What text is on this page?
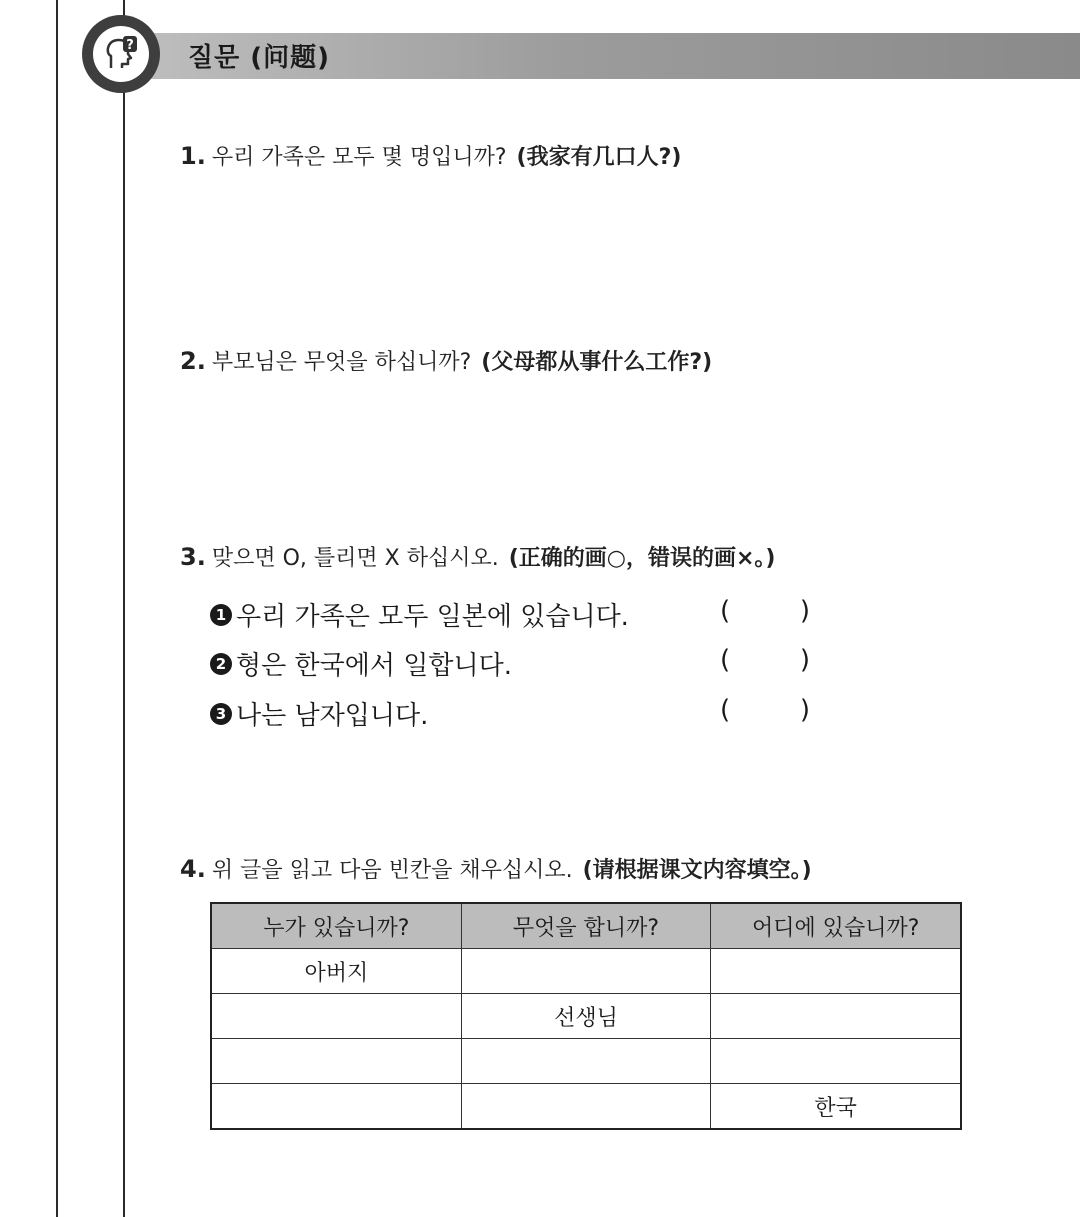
? 질문 (问题)
1. 우리 가족은 모두 몇 명입니까? (我家有几口人?)
2. 부모님은 무엇을 하십니까? (父母都从事什么工作?)
3. 맞으면 O, 틀리면 X 하십시오. (正确的画○，错误的画×。)
1 우리 가족은 모두 일본에 있습니다.	(	)
2 형은 한국에서 일합니다.	(	)
3 나는 남자입니다.	(	)
4. 위 글을 읽고 다음 빈칸을 채우십시오. (请根据课文内容填空。)
누가 있습니까?	무엇을 합니까?	어디에 있습니까?
아버지		
	선생님	

		한국
